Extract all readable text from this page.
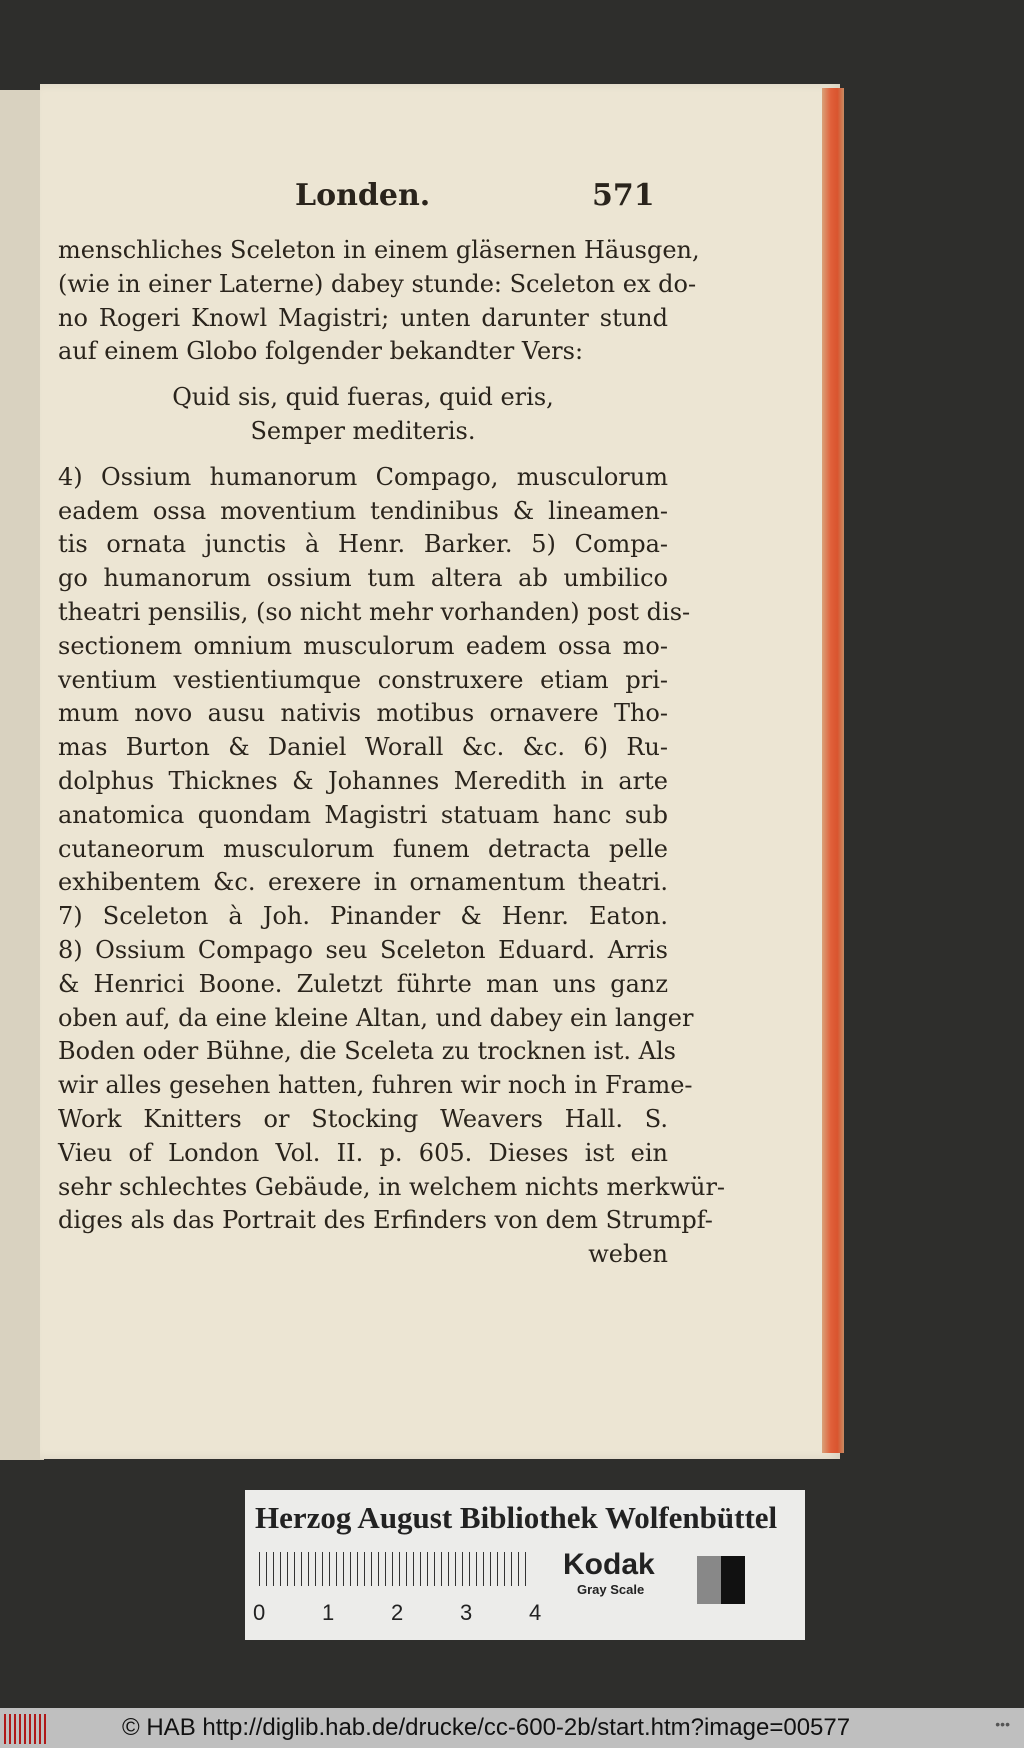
Londen.	571
menschliches Sceleton in einem gläsernen Häusgen,
(wie in einer Laterne) dabey stunde: Sceleton ex do-
no Rogeri Knowl Magistri; unten darunter stund
auf einem Globo folgender bekandter Vers:
Quid sis, quid fueras, quid eris,
Semper mediteris.
4) Ossium humanorum Compago, musculorum
eadem ossa moventium tendinibus & lineamen-
tis ornata junctis à Henr. Barker. 5) Compa-
go humanorum ossium tum altera ab umbilico
theatri pensilis, (so nicht mehr vorhanden) post dis-
sectionem omnium musculorum eadem ossa mo-
ventium vestientiumque construxere etiam pri-
mum novo ausu nativis motibus ornavere Tho-
mas Burton & Daniel Worall &c. &c. 6) Ru-
dolphus Thicknes & Johannes Meredith in arte
anatomica quondam Magistri statuam hanc sub
cutaneorum musculorum funem detracta pelle
exhibentem &c. erexere in ornamentum theatri.
7) Sceleton à Joh. Pinander & Henr. Eaton.
8) Ossium Compago seu Sceleton Eduard. Arris
& Henrici Boone. Zuletzt führte man uns ganz
oben auf, da eine kleine Altan, und dabey ein langer
Boden oder Bühne, die Sceleta zu trocknen ist. Als
wir alles gesehen hatten, fuhren wir noch in Frame-
Work Knitters or Stocking Weavers Hall. S.
Vieu of London Vol. II. p. 605. Dieses ist ein
sehr schlechtes Gebäude, in welchem nichts merkwür-
diges als das Portrait des Erfinders von dem Strumpf-
weben
Herzog August Bibliothek Wolfenbüttel
0	1	2	3	4
Kodak
Gray Scale
© HAB http://diglib.hab.de/drucke/cc-600-2b/start.htm?image=00577	•••
